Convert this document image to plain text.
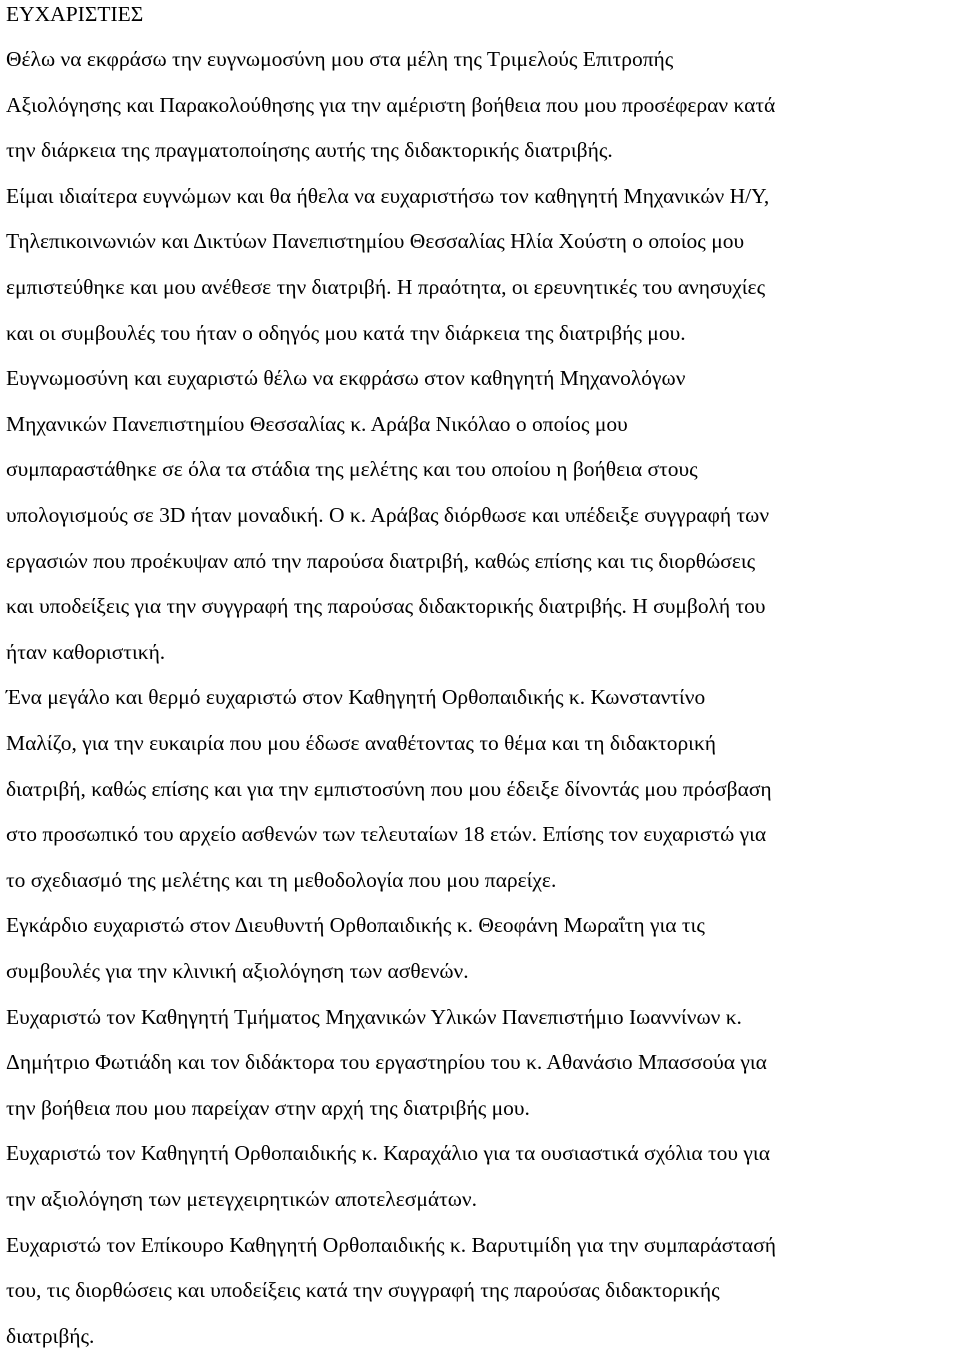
ΕΥΧΑΡΙΣΤΙΕΣ
Θέλω να εκφράσω την ευγνωμοσύνη μου στα μέλη της Τριμελούς Επιτροπής
Αξιολόγησης και Παρακολούθησης για την αμέριστη βοήθεια που μου προσέφεραν κατά
την διάρκεια της πραγματοποίησης αυτής της διδακτορικής διατριβής.
Είμαι ιδιαίτερα ευγνώμων και θα ήθελα να ευχαριστήσω τον καθηγητή Μηχανικών Η/Υ,
Τηλεπικοινωνιών και Δικτύων Πανεπιστημίου Θεσσαλίας Ηλία Χούστη ο οποίος μου
εμπιστεύθηκε και μου ανέθεσε την διατριβή. Η πραότητα, οι ερευνητικές του ανησυχίες
και οι συμβουλές του ήταν ο οδηγός μου κατά την διάρκεια της διατριβής μου.
Ευγνωμοσύνη και ευχαριστώ θέλω να εκφράσω στον καθηγητή Μηχανολόγων
Μηχανικών Πανεπιστημίου Θεσσαλίας κ. Αράβα Νικόλαο ο οποίος μου
συμπαραστάθηκε σε όλα τα στάδια της μελέτης και του οποίου η βοήθεια στους
υπολογισμούς σε 3D ήταν μοναδική. Ο κ. Αράβας διόρθωσε και υπέδειξε συγγραφή των
εργασιών που προέκυψαν από την παρούσα διατριβή, καθώς επίσης και τις διορθώσεις
και υποδείξεις για την συγγραφή της παρούσας διδακτορικής διατριβής. Η συμβολή του
ήταν καθοριστική.
Ένα μεγάλο και θερμό ευχαριστώ στον Καθηγητή Ορθοπαιδικής κ. Κωνσταντίνο
Μαλίζο, για την ευκαιρία που μου έδωσε αναθέτοντας το θέμα και τη διδακτορική
διατριβή, καθώς επίσης και για την εμπιστοσύνη που μου έδειξε δίνοντάς μου πρόσβαση
στο προσωπικό του αρχείο ασθενών των τελευταίων 18 ετών. Επίσης τον ευχαριστώ για
το σχεδιασμό της μελέτης και τη μεθοδολογία που μου παρείχε.
Εγκάρδιο ευχαριστώ στον Διευθυντή Ορθοπαιδικής κ. Θεοφάνη Μωραΐτη για τις
συμβουλές για την κλινική αξιολόγηση των ασθενών.
Ευχαριστώ τον Καθηγητή Τμήματος Μηχανικών Υλικών Πανεπιστήμιο Ιωαννίνων κ.
Δημήτριο Φωτιάδη και τον διδάκτορα του εργαστηρίου του κ. Αθανάσιο Μπασσούα για
την βοήθεια που μου παρείχαν στην αρχή της διατριβής μου.
Ευχαριστώ τον Καθηγητή Ορθοπαιδικής κ. Καραχάλιο για τα ουσιαστικά σχόλια του για
την αξιολόγηση των μετεγχειρητικών αποτελεσμάτων.
Ευχαριστώ τον Επίκουρο Καθηγητή Ορθοπαιδικής κ. Βαρυτιμίδη για την συμπαράστασή
του, τις διορθώσεις και υποδείξεις κατά την συγγραφή της παρούσας διδακτορικής
διατριβής.
